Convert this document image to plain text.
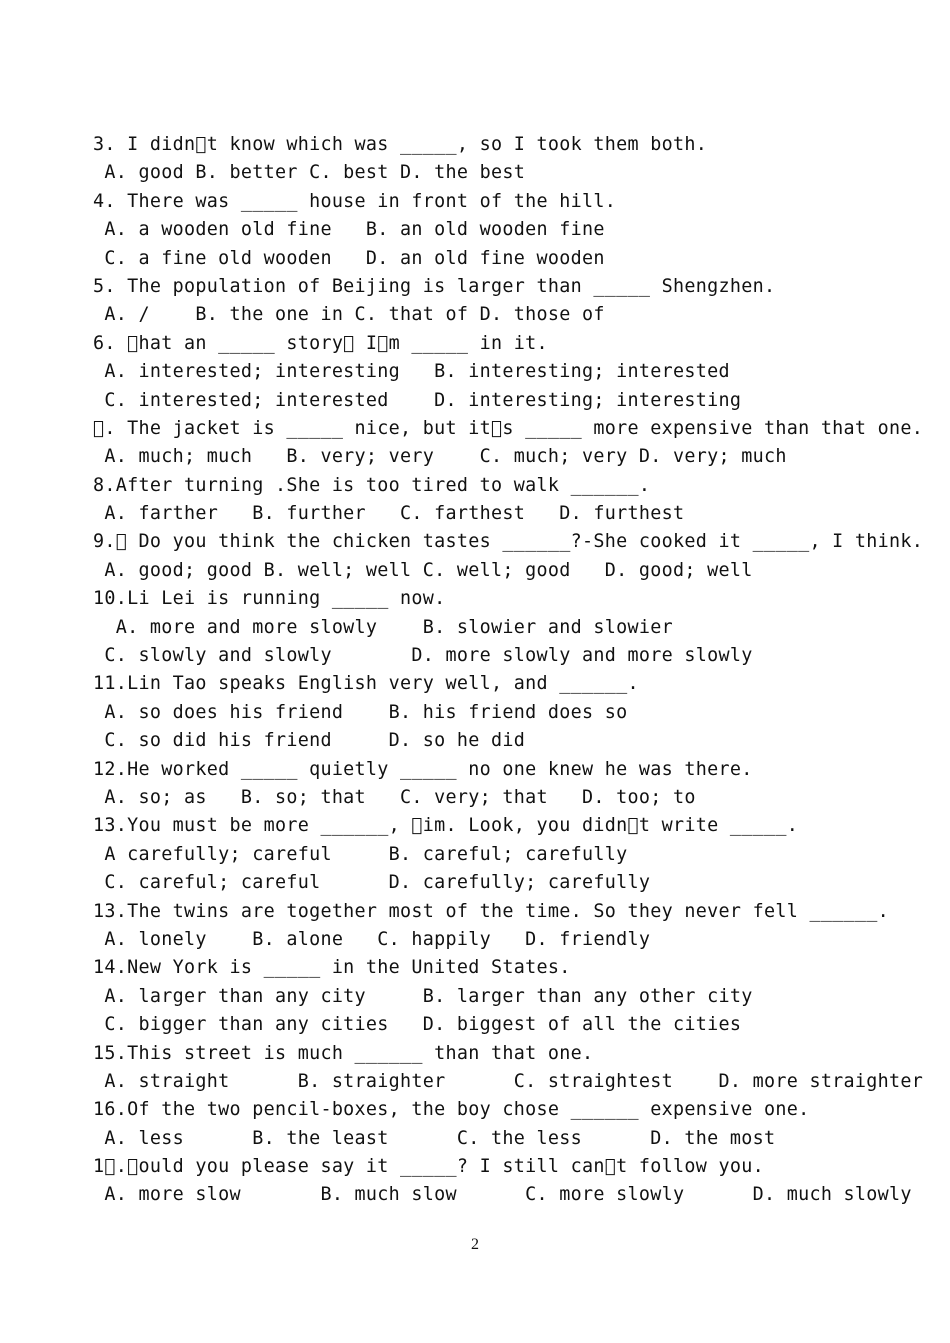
3. I didn t know which was _____, so I took them both.
A. good B. better C. best D. the best
4. There was _____ house in front of the hill.
A. a wooden old fine   B. an old wooden fine
C. a fine old wooden   D. an old fine wooden
5. The population of Beijing is larger than _____ Shengzhen.
A. /    B. the one in C. that of D. those of
6.  hat an _____ story  I m _____ in it.
A. interested; interesting   B. interesting; interested
C. interested; interested    D. interesting; interesting
 . The jacket is _____ nice, but it s _____ more expensive than that one.
A. much; much   B. very; very    C. much; very D. very; much
8.After turning .She is too tired to walk ______.
A. farther   B. further   C. farthest   D. furthest
9.  Do you think the chicken tastes ______?-She cooked it _____, I think.
A. good; good B. well; well C. well; good   D. good; well
10.Li Lei is running _____ now.
A. more and more slowly    B. slowier and slowier
C. slowly and slowly       D. more slowly and more slowly
11.Lin Tao speaks English very well, and ______.
A. so does his friend    B. his friend does so
C. so did his friend     D. so he did
12.He worked _____ quietly _____ no one knew he was there.
A. so; as   B. so; that   C. very; that   D. too; to
13.You must be more ______,  im. Look, you didn t write _____.
A carefully; careful     B. careful; carefully
C. careful; careful      D. carefully; carefully
13.The twins are together most of the time. So they never fell ______.
A. lonely    B. alone   C. happily   D. friendly
14.New York is _____ in the United States.
A. larger than any city     B. larger than any other city
C. bigger than any cities   D. biggest of all the cities
15.This street is much ______ than that one.
A. straight      B. straighter      C. straightest    D. more straighter
16.Of the two pencil-boxes, the boy chose ______ expensive one.
A. less      B. the least      C. the less      D. the most
1 . ould you please say it _____? I still can t follow you.
A. more slow       B. much slow      C. more slowly      D. much slowly
2
